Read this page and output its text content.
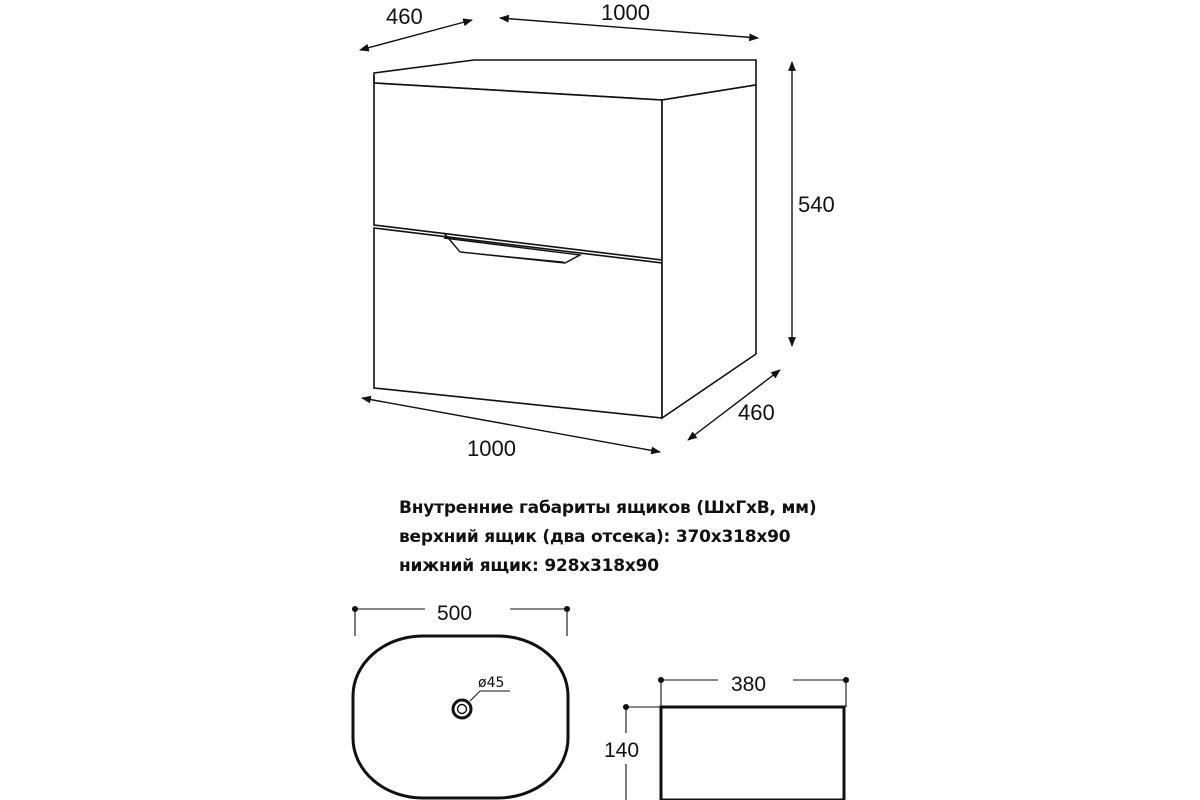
460	1000
540
1000
460
500
ø45	380
140
Внутренние габариты ящиков (ШхГхВ, мм)
верхний ящик (два отсека): 370х318х90
нижний ящик: 928х318х90
